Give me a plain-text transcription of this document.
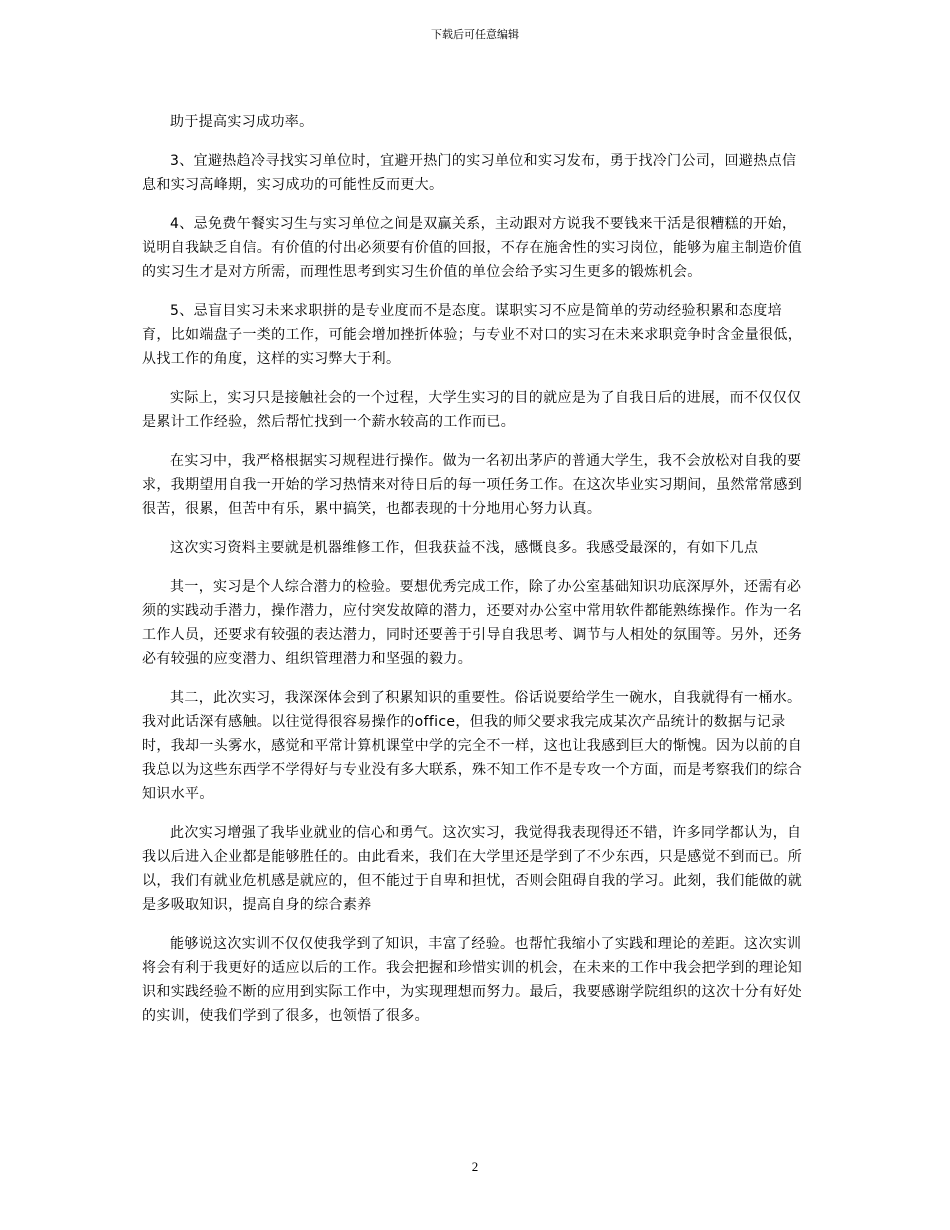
下载后可任意编辑

助于提高实习成功率。

3、宜避热趋冷寻找实习单位时，宜避开热门的实习单位和实习发布，勇于找冷门公司，回避热点信息和实习高峰期，实习成功的可能性反而更大。

4、忌免费午餐实习生与实习单位之间是双赢关系，主动跟对方说我不要钱来干活是很糟糕的开始，说明自我缺乏自信。有价值的付出必须要有价值的回报，不存在施舍性的实习岗位，能够为雇主制造价值的实习生才是对方所需，而理性思考到实习生价值的单位会给予实习生更多的锻炼机会。

5、忌盲目实习未来求职拼的是专业度而不是态度。谋职实习不应是简单的劳动经验积累和态度培育，比如端盘子一类的工作，可能会增加挫折体验；与专业不对口的实习在未来求职竞争时含金量很低，从找工作的角度，这样的实习弊大于利。

实际上，实习只是接触社会的一个过程，大学生实习的目的就应是为了自我日后的进展，而不仅仅仅是累计工作经验，然后帮忙找到一个薪水较高的工作而已。

在实习中，我严格根据实习规程进行操作。做为一名初出茅庐的普通大学生，我不会放松对自我的要求，我期望用自我一开始的学习热情来对待日后的每一项任务工作。在这次毕业实习期间，虽然常常感到很苦，很累，但苦中有乐，累中搞笑，也都表现的十分地用心努力认真。

这次实习资料主要就是机器维修工作，但我获益不浅，感慨良多。我感受最深的，有如下几点

其一，实习是个人综合潜力的检验。要想优秀完成工作，除了办公室基础知识功底深厚外，还需有必须的实践动手潜力，操作潜力，应付突发故障的潜力，还要对办公室中常用软件都能熟练操作。作为一名工作人员，还要求有较强的表达潜力，同时还要善于引导自我思考、调节与人相处的氛围等。另外，还务必有较强的应变潜力、组织管理潜力和坚强的毅力。

其二，此次实习，我深深体会到了积累知识的重要性。俗话说要给学生一碗水，自我就得有一桶水。我对此话深有感触。以往觉得很容易操作的office，但我的师父要求我完成某次产品统计的数据与记录时，我却一头雾水，感觉和平常计算机课堂中学的完全不一样，这也让我感到巨大的惭愧。因为以前的自我总以为这些东西学不学得好与专业没有多大联系，殊不知工作不是专攻一个方面，而是考察我们的综合知识水平。

此次实习增强了我毕业就业的信心和勇气。这次实习，我觉得我表现得还不错，许多同学都认为，自我以后进入企业都是能够胜任的。由此看来，我们在大学里还是学到了不少东西，只是感觉不到而已。所以，我们有就业危机感是就应的，但不能过于自卑和担忧，否则会阻碍自我的学习。此刻，我们能做的就是多吸取知识，提高自身的综合素养

能够说这次实训不仅仅使我学到了知识，丰富了经验。也帮忙我缩小了实践和理论的差距。这次实训将会有利于我更好的适应以后的工作。我会把握和珍惜实训的机会，在未来的工作中我会把学到的理论知识和实践经验不断的应用到实际工作中，为实现理想而努力。最后，我要感谢学院组织的这次十分有好处的实训，使我们学到了很多，也领悟了很多。

2
